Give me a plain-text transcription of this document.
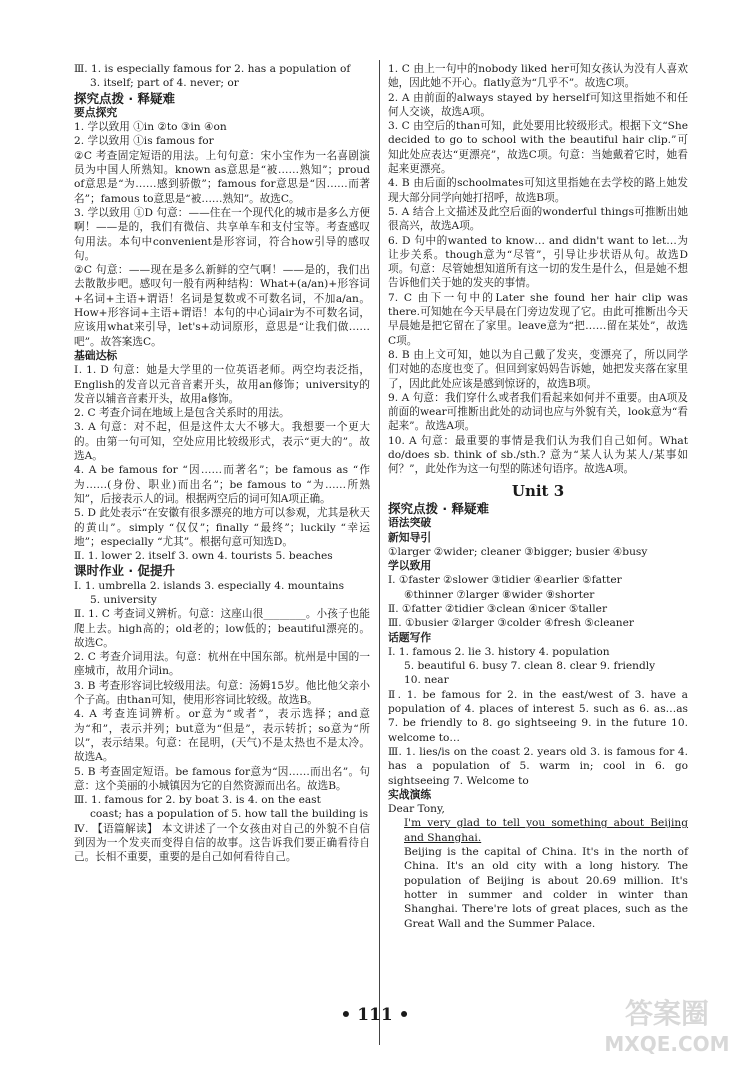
Ⅲ. 1. is especially famous for 2. has a population of
3. itself; part of 4. never; or
探究点拨 · 释疑难
要点探究
1. 学以致用 ①in ②to ③in ④on
2. 学以致用 ①is famous for
②C 考查固定短语的用法。上句句意：宋小宝作为一名喜剧演员为中国人所熟知。known as意思是“被……熟知”；proud of意思是“为……感到骄傲”；famous for意思是“因……而著名”；famous to意思是“被……熟知”。故选C。
3. 学以致用 ①D 句意：——住在一个现代化的城市是多么方便啊！——是的，我们有微信、共享单车和支付宝等。考查感叹句用法。本句中convenient是形容词，符合how引导的感叹句。
②C 句意：——现在是多么新鲜的空气啊！——是的，我们出去散散步吧。感叹句一般有两种结构：What+(a/an)+形容词+名词+主语+谓语！名词是复数或不可数名词，不加a/an。How+形容词+主语+谓语！本句的中心词air为不可数名词，应该用what来引导，let's+动词原形，意思是“让我们做……吧”。故答案选C。
基础达标
Ⅰ. 1. D 句意：她是大学里的一位英语老师。两空均表泛指，English的发音以元音音素开头，故用an修饰；university的发音以辅音音素开头，故用a修饰。
2. C 考查介词在地域上是包含关系时的用法。
3. A 句意：对不起，但是这件太大不够大。我想要一个更大的。由第一句可知，空处应用比较级形式，表示“更大的”。故选A。
4. A be famous for “因……而著名”；be famous as “作为……(身份、职业)而出名”；be famous to “为……所熟知”，后接表示人的词。根据两空后的词可知A项正确。
5. D 此处表示“在安徽有很多漂亮的地方可以参观，尤其是秋天的黄山”。simply “仅仅”；finally “最终”；luckily “幸运地”；especially “尤其”。根据句意可知选D。
Ⅱ. 1. lower 2. itself 3. own 4. tourists 5. beaches
课时作业 · 促提升
Ⅰ. 1. umbrella 2. islands 3. especially 4. mountains
5. university
Ⅱ. 1. C 考查词义辨析。句意：这座山很________。小孩子也能爬上去。high高的；old老的；low低的；beautiful漂亮的。故选C。
2. C 考查介词用法。句意：杭州在中国东部。杭州是中国的一座城市，故用介词in。
3. B 考查形容词比较级用法。句意：汤姆15岁。他比他父亲小个子高。由than可知，使用形容词比较级。故选B。
4. A 考查连词辨析。or意为“或者”，表示选择；and意为“和”，表示并列；but意为“但是”，表示转折；so意为“所以”，表示结果。句意：在昆明，(天气)不是太热也不是太冷。故选A。
5. B 考查固定短语。be famous for意为“因……而出名”。句意：这个美丽的小城镇因为它的自然资源而出名。故选B。
Ⅲ. 1. famous for 2. by boat 3. is 4. on the east
coast; has a population of 5. how tall the building is
Ⅳ. 【语篇解读】 本文讲述了一个女孩由对自己的外貌不自信到因为一个发夹而变得自信的故事。这告诉我们要正确看待自己。长相不重要，重要的是自己如何看待自己。
1. C 由上一句中的nobody liked her可知女孩认为没有人喜欢她，因此她不开心。flatly意为“几乎不”。故选C项。
2. A 由前面的always stayed by herself可知这里指她不和任何人交谈，故选A项。
3. C 由空后的than可知，此处要用比较级形式。根据下文“She decided to go to school with the beautiful hair clip.”可知此处应表达“更漂亮”，故选C项。句意：当她戴着它时，她看起来更漂亮。
4. B 由后面的schoolmates可知这里指她在去学校的路上她发现大部分同学向她打招呼，故选B项。
5. A 结合上文描述及此空后面的wonderful things可推断出她很高兴，故选A项。
6. D 句中的wanted to know… and didn't want to let…为让步关系。though意为“尽管”，引导让步状语从句。故选D项。句意：尽管她想知道所有这一切的发生是什么，但是她不想告诉他们关于她的发夹的事情。
7. C 由下一句中的Later she found her hair clip was there.可知她在今天早晨在门旁边发现了它。由此可推断出今天早晨她是把它留在了家里。leave意为“把……留在某处”，故选C项。
8. B 由上文可知，她以为自己戴了发夹，变漂亮了，所以同学们对她的态度也变了。但回到家妈妈告诉她，她把发夹落在家里了，因此此处应该是感到惊讶的，故选B项。
9. A 句意：我们穿什么或者我们看起来如何并不重要。由A项及前面的wear可推断出此处的动词也应与外貌有关，look意为“看起来”。故选A项。
10. A 句意：最重要的事情是我们认为我们自己如何。What do/does sb. think of sb./sth.? 意为“某人认为某人/某事如何？”，此处作为这一句型的陈述句语序。故选A项。
Unit 3
探究点拨 · 释疑难
语法突破
新知导引
①larger ②wider; cleaner ③bigger; busier ④busy
学以致用
Ⅰ. ①faster ②slower ③tidier ④earlier ⑤fatter
⑥thinner ⑦larger ⑧wider ⑨shorter
Ⅱ. ①fatter ②tidier ③clean ④nicer ⑤taller
Ⅲ. ①busier ②larger ③colder ④fresh ⑤cleaner
话题写作
Ⅰ. 1. famous 2. lie 3. history 4. population
5. beautiful 6. busy 7. clean 8. clear 9. friendly
10. near
Ⅱ. 1. be famous for 2. in the east/west of 3. have a population of 4. places of interest 5. such as 6. as…as 7. be friendly to 8. go sightseeing 9. in the future 10. welcome to…
Ⅲ. 1. lies/is on the coast 2. years old 3. is famous for 4. has a population of 5. warm in; cool in 6. go sightseeing 7. Welcome to
实战演练

Dear Tony,

I'm very glad to tell you something about Beijing and Shanghai.

Beijing is the capital of China. It's in the north of China. It's an old city with a long history. The population of Beijing is about 20.69 million. It's hotter in summer and colder in winter than Shanghai. There're lots of great places, such as the Great Wall and the Summer Palace.

• 111 •	答案圈
MXQE.COM
